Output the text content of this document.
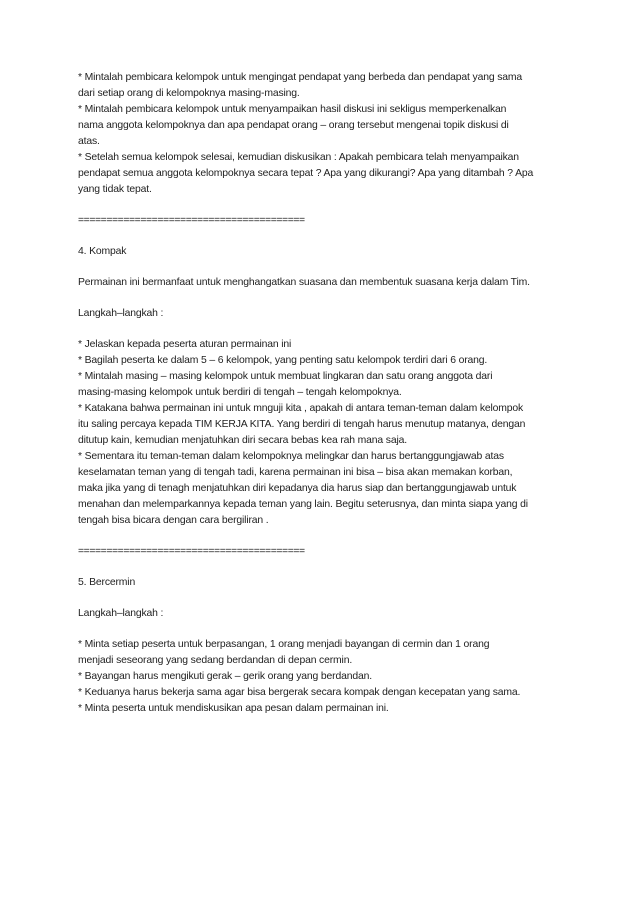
* Mintalah pembicara kelompok untuk mengingat pendapat yang berbeda dan pendapat yang sama
dari setiap orang di kelompoknya masing-masing.
* Mintalah pembicara kelompok untuk menyampaikan hasil diskusi ini sekligus memperkenalkan
nama anggota kelompoknya dan apa pendapat orang – orang tersebut mengenai topik diskusi di
atas.
* Setelah semua kelompok selesai, kemudian diskusikan : Apakah pembicara telah menyampaikan
pendapat semua anggota kelompoknya secara tepat ? Apa yang dikurangi? Apa yang ditambah ? Apa
yang tidak tepat.
========================================
4. Kompak
Permainan ini bermanfaat untuk menghangatkan suasana dan membentuk suasana kerja dalam Tim.
Langkah–langkah :
* Jelaskan kepada peserta aturan permainan ini
* Bagilah peserta ke dalam 5 – 6 kelompok, yang penting satu kelompok terdiri dari 6 orang.
* Mintalah masing – masing kelompok untuk membuat lingkaran dan satu orang anggota dari
masing-masing kelompok untuk berdiri di tengah – tengah kelompoknya.
* Katakana bahwa permainan ini untuk mnguji kita , apakah di antara teman-teman dalam kelompok
itu saling percaya kepada TIM KERJA KITA. Yang berdiri di tengah harus menutup matanya, dengan
ditutup kain, kemudian menjatuhkan diri secara bebas kea rah mana saja.
* Sementara itu teman-teman dalam kelompoknya melingkar dan harus bertanggungjawab atas
keselamatan teman yang di tengah tadi, karena permainan ini bisa – bisa akan memakan korban,
maka jika yang di tenagh menjatuhkan diri kepadanya dia harus siap dan bertanggungjawab untuk
menahan dan melemparkannya kepada teman yang lain. Begitu seterusnya, dan minta siapa yang di
tengah bisa bicara dengan cara bergiliran .
========================================
5. Bercermin
Langkah–langkah :
* Minta setiap peserta untuk berpasangan, 1 orang menjadi bayangan di cermin dan 1 orang
menjadi seseorang yang sedang berdandan di depan cermin.
* Bayangan harus mengikuti gerak – gerik orang yang berdandan.
* Keduanya harus bekerja sama agar bisa bergerak secara kompak dengan kecepatan yang sama.
* Minta peserta untuk mendiskusikan apa pesan dalam permainan ini.
